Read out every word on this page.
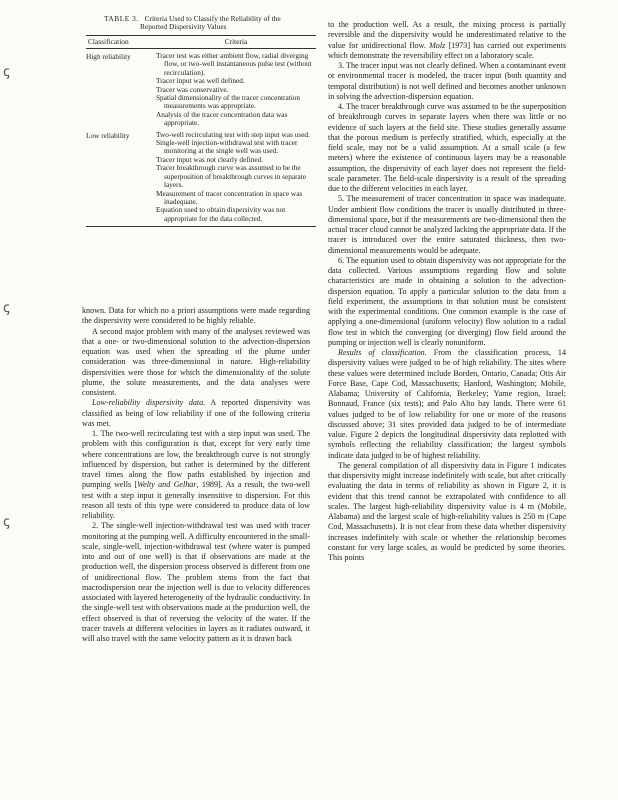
ꞔ
ꞔ
ꞔ
TABLE 3. Criteria Used to Classify the Reliability of the
Reported Dispersivity Values
Classification	Criteria
High reliability	Tracer test was either ambient flow, radial diverging flow, or two-well instantaneous pulse test (without recirculation).
Tracer input was well defined.
Tracer was conservative.
Spatial dimensionality of the tracer concentration measurements was appropriate.
Analysis of the tracer concentration data was appropriate.
Low reliability	Two-well recirculating test with step input was used.
Single-well injection-withdrawal test with tracer monitoring at the single well was used.
Tracer input was not clearly defined.
Tracer breakthrough curve was assumed to be the superposition of breakthrough curves in separate layers.
Measurement of tracer concentration in space was inadequate.
Equation used to obtain dispersivity was not appropriate for the data collected.

known. Data for which no a priori assumptions were made regarding the dispersivity were considered to be highly reliable.

A second major problem with many of the analyses reviewed was that a one- or two-dimensional solution to the advection-dispersion equation was used when the spreading of the plume under consideration was three-dimensional in nature. High-reliability dispersivities were those for which the dimensionality of the solute plume, the solute measurements, and the data analyses were consistent.

Low-reliability dispersivity data. A reported dispersivity was classified as being of low reliability if one of the following criteria was met.

1. The two-well recirculating test with a step input was used. The problem with this configuration is that, except for very early time where concentrations are low, the breakthrough curve is not strongly influenced by dispersion, but rather is determined by the different travel times along the flow paths established by injection and pumping wells [Welty and Gelhar, 1989]. As a result, the two-well test with a step input it generally insensitive to dispersion. For this reason all tests of this type were considered to produce data of low reliability.

2. The single-well injection-withdrawal test was used with tracer monitoring at the pumping well. A difficulty encountered in the small-scale, single-well, injection-withdrawal test (where water is pumped into and out of one well) is that if observations are made at the production well, the dispersion process observed is different from one of unidirectional flow. The problem stems from the fact that macrodispersion near the injection well is due to velocity differences associated with layered heterogeneity of the hydraulic conductivity. In the single-well test with observations made at the production well, the effect observed is that of reversing the velocity of the water. If the tracer travels at different velocities in layers as it radiates outward, it will also travel with the same velocity pattern as it is drawn back

to the production well. As a result, the mixing process is partially reversible and the dispersivity would be underestimated relative to the value for unidirectional flow. Molz [1973] has carried out experiments which demonstrate the reversibility effect on a laboratory scale.

3. The tracer input was not clearly defined. When a contaminant event or environmental tracer is modeled, the tracer input (both quantity and temporal distribution) is not well defined and becomes another unknown in solving the advection-dispersion equation.

4. The tracer breakthrough curve was assumed to be the superposition of breakthrough curves in separate layers when there was little or no evidence of such layers at the field site. These studies generally assume that the porous medium is perfectly stratified, which, especially at the field scale, may not be a valid assumption. At a small scale (a few meters) where the existence of continuous layers may be a reasonable assumption, the dispersivity of each layer does not represent the field-scale parameter. The field-scale dispersivity is a result of the spreading due to the different velocities in each layer.

5. The measurement of tracer concentration in space was inadequate. Under ambient flow conditions the tracer is usually distributed in three-dimensional space, but if the measurements are two-dimensional then the actual tracer cloud cannot be analyzed lacking the appropriate data. If the tracer is introduced over the entire saturated thickness, then two-dimensional measurements would be adequate.

6. The equation used to obtain dispersivity was not appropriate for the data collected. Various assumptions regarding flow and solute characteristics are made in obtaining a solution to the advection-dispersion equation. To apply a particular solution to the data from a field experiment, the assumptions in that solution must be consistent with the experimental conditions. One common example is the case of applying a one-dimensional (uniform velocity) flow solution to a radial flow test in which the converging (or diverging) flow field around the pumping or injection well is clearly nonuniform.

Results of classification. From the classification process, 14 dispersivity values were judged to be of high reliability. The sites where these values were determined include Borden, Ontario, Canada; Otis Air Force Base, Cape Cod, Massachusetts; Hanford, Washington; Mobile, Alabama; University of California, Berkeley; Yame region, Israel; Bonnaud, France (six tests); and Palo Alto bay lands. There were 61 values judged to be of low reliability for one or more of the reasons discussed above; 31 sites provided data judged to be of intermediate value. Figure 2 depicts the longitudinal dispersivity data replotted with symbols reflecting the reliability classification; the largest symbols indicate data judged to be of highest reliability.

The general compilation of all dispersivity data in Figure 1 indicates that dispersivity might increase indefinitely with scale, but after critically evaluating the data in terms of reliability as shown in Figure 2, it is evident that this trend cannot be extrapolated with confidence to all scales. The largest high-reliability dispersivity value is 4 m (Mobile, Alabama) and the largest scale of high-reliability values is 250 m (Cape Cod, Massachusetts). It is not clear from these data whether dispersivity increases indefinitely with scale or whether the relationship becomes constant for very large scales, as would be predicted by some theories. This points
